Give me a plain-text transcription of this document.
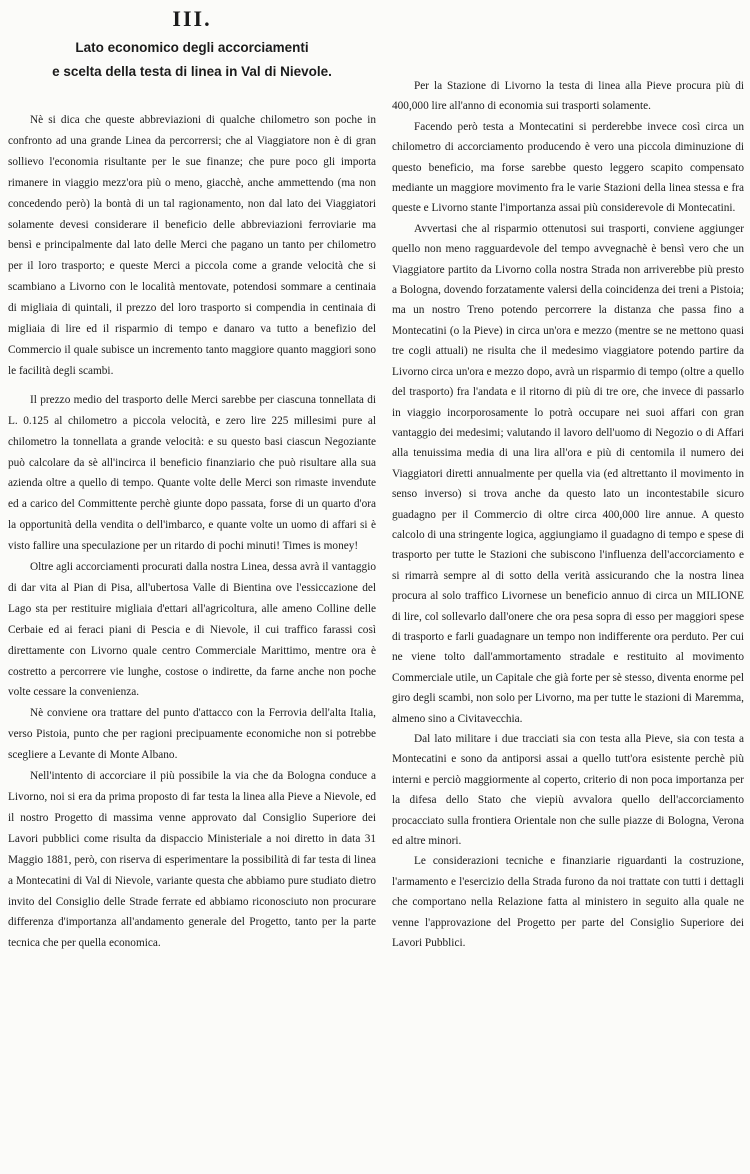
III.
Lato economico degli accorciamenti
e scelta della testa di linea in Val di Nievole.

Nè si dica che queste abbreviazioni di qualche chilometro son poche in confronto ad una grande Linea da percorrersi; che al Viaggiatore non è di gran sollievo l'economia risultante per le sue finanze; che pure poco gli importa rimanere in viaggio mezz'ora più o meno, giacchè, anche ammettendo (ma non concedendo però) la bontà di un tal ragionamento, non dal lato dei Viaggiatori solamente devesi considerare il beneficio delle abbreviazioni ferroviarie ma bensì e principalmente dal lato delle Merci che pagano un tanto per chilometro per il loro trasporto; e queste Merci a piccola come a grande velocità che si scambiano a Livorno con le località mentovate, potendosi sommare a centinaia di migliaia di quintali, il prezzo del loro trasporto si compendia in centinaia di migliaia di lire ed il risparmio di tempo e danaro va tutto a benefizio del Commercio il quale subisce un incremento tanto maggiore quanto maggiori sono le facilità degli scambi.

Il prezzo medio del trasporto delle Merci sarebbe per ciascuna tonnellata di L. 0.125 al chilometro a piccola velocità, e zero lire 225 millesimi pure al chilometro la tonnellata a grande velocità: e su questo basi ciascun Negoziante può calcolare da sè all'incirca il beneficio finanziario che può risultare alla sua azienda oltre a quello di tempo. Quante volte delle Merci son rimaste invendute ed a carico del Committente perchè giunte dopo passata, forse di un quarto d'ora la opportunità della vendita o dell'imbarco, e quante volte un uomo di affari si è visto fallire una speculazione per un ritardo di pochi minuti! Times is money!

Oltre agli accorciamenti procurati dalla nostra Linea, dessa avrà il vantaggio di dar vita al Pian di Pisa, all'ubertosa Valle di Bientina ove l'essiccazione del Lago sta per restituire migliaia d'ettari all'agricoltura, alle ameno Colline delle Cerbaie ed ai feraci piani di Pescia e di Nievole, il cui traffico farassi così direttamente con Livorno quale centro Commerciale Marittimo, mentre ora è costretto a percorrere vie lunghe, costose o indirette, da farne anche non poche volte cessare la convenienza.

Nè conviene ora trattare del punto d'attacco con la Ferrovia dell'alta Italia, verso Pistoia, punto che per ragioni precipuamente economiche non si potrebbe scegliere a Levante di Monte Albano.

Nell'intento di accorciare il più possibile la via che da Bologna conduce a Livorno, noi si era da prima proposto di far testa la linea alla Pieve a Nievole, ed il nostro Progetto di massima venne approvato dal Consiglio Superiore dei Lavori pubblici come risulta da dispaccio Ministeriale a noi diretto in data 31 Maggio 1881, però, con riserva di esperimentare la possibilità di far testa di linea a Montecatini di Val di Nievole, variante questa che abbiamo pure studiato dietro invito del Consiglio delle Strade ferrate ed abbiamo riconosciuto non procurare differenza d'importanza all'andamento generale del Progetto, tanto per la parte tecnica che per quella economica.

Per la Stazione di Livorno la testa di linea alla Pieve procura più di 400,000 lire all'anno di economia sui trasporti solamente.

Facendo però testa a Montecatini si perderebbe invece così circa un chilometro di accorciamento producendo è vero una piccola diminuzione di questo beneficio, ma forse sarebbe questo leggero scapito compensato mediante un maggiore movimento fra le varie Stazioni della linea stessa e fra queste e Livorno stante l'importanza assai più considerevole di Montecatini.

Avvertasi che al risparmio ottenutosi sui trasporti, conviene aggiunger quello non meno ragguardevole del tempo avvegnachè è bensì vero che un Viaggiatore partito da Livorno colla nostra Strada non arriverebbe più presto a Bologna, dovendo forzatamente valersi della coincidenza dei treni a Pistoia; ma un nostro Treno potendo percorrere la distanza che passa fino a Montecatini (o la Pieve) in circa un'ora e mezzo (mentre se ne mettono quasi tre cogli attuali) ne risulta che il medesimo viaggiatore potendo partire da Livorno circa un'ora e mezzo dopo, avrà un risparmio di tempo (oltre a quello del trasporto) fra l'andata e il ritorno di più di tre ore, che invece di passarlo in viaggio incorporosamente lo potrà occupare nei suoi affari con gran vantaggio dei medesimi; valutando il lavoro dell'uomo di Negozio o di Affari alla tenuissima media di una lira all'ora e più di centomila il numero dei Viaggiatori diretti annualmente per quella via (ed altrettanto il movimento in senso inverso) si trova anche da questo lato un incontestabile sicuro guadagno per il Commercio di oltre circa 400,000 lire annue. A questo calcolo di una stringente logica, aggiungiamo il guadagno di tempo e spese di trasporto per tutte le Stazioni che subiscono l'influenza dell'accorciamento e si rimarrà sempre al di sotto della verità assicurando che la nostra linea procura al solo traffico Livornese un beneficio annuo di circa un MILIONE di lire, col sollevarlo dall'onere che ora pesa sopra di esso per maggiori spese di trasporto e farli guadagnare un tempo non indifferente ora perduto. Per cui ne viene tolto dall'ammortamento stradale e restituito al movimento Commerciale utile, un Capitale che già forte per sè stesso, diventa enorme pel giro degli scambi, non solo per Livorno, ma per tutte le stazioni di Maremma, almeno sino a Civitavecchia.

Dal lato militare i due tracciati sia con testa alla Pieve, sia con testa a Montecatini e sono da antiporsi assai a quello tutt'ora esistente perchè più interni e perciò maggiormente al coperto, criterio di non poca importanza per la difesa dello Stato che viepiù avvalora quello dell'accorciamento procacciato sulla frontiera Orientale non che sulle piazze di Bologna, Verona ed altre minori.

Le considerazioni tecniche e finanziarie riguardanti la costruzione, l'armamento e l'esercizio della Strada furono da noi trattate con tutti i dettagli che comportano nella Relazione fatta al ministero in seguito alla quale ne venne l'approvazione del Progetto per parte del Consiglio Superiore dei Lavori Pubblici.
